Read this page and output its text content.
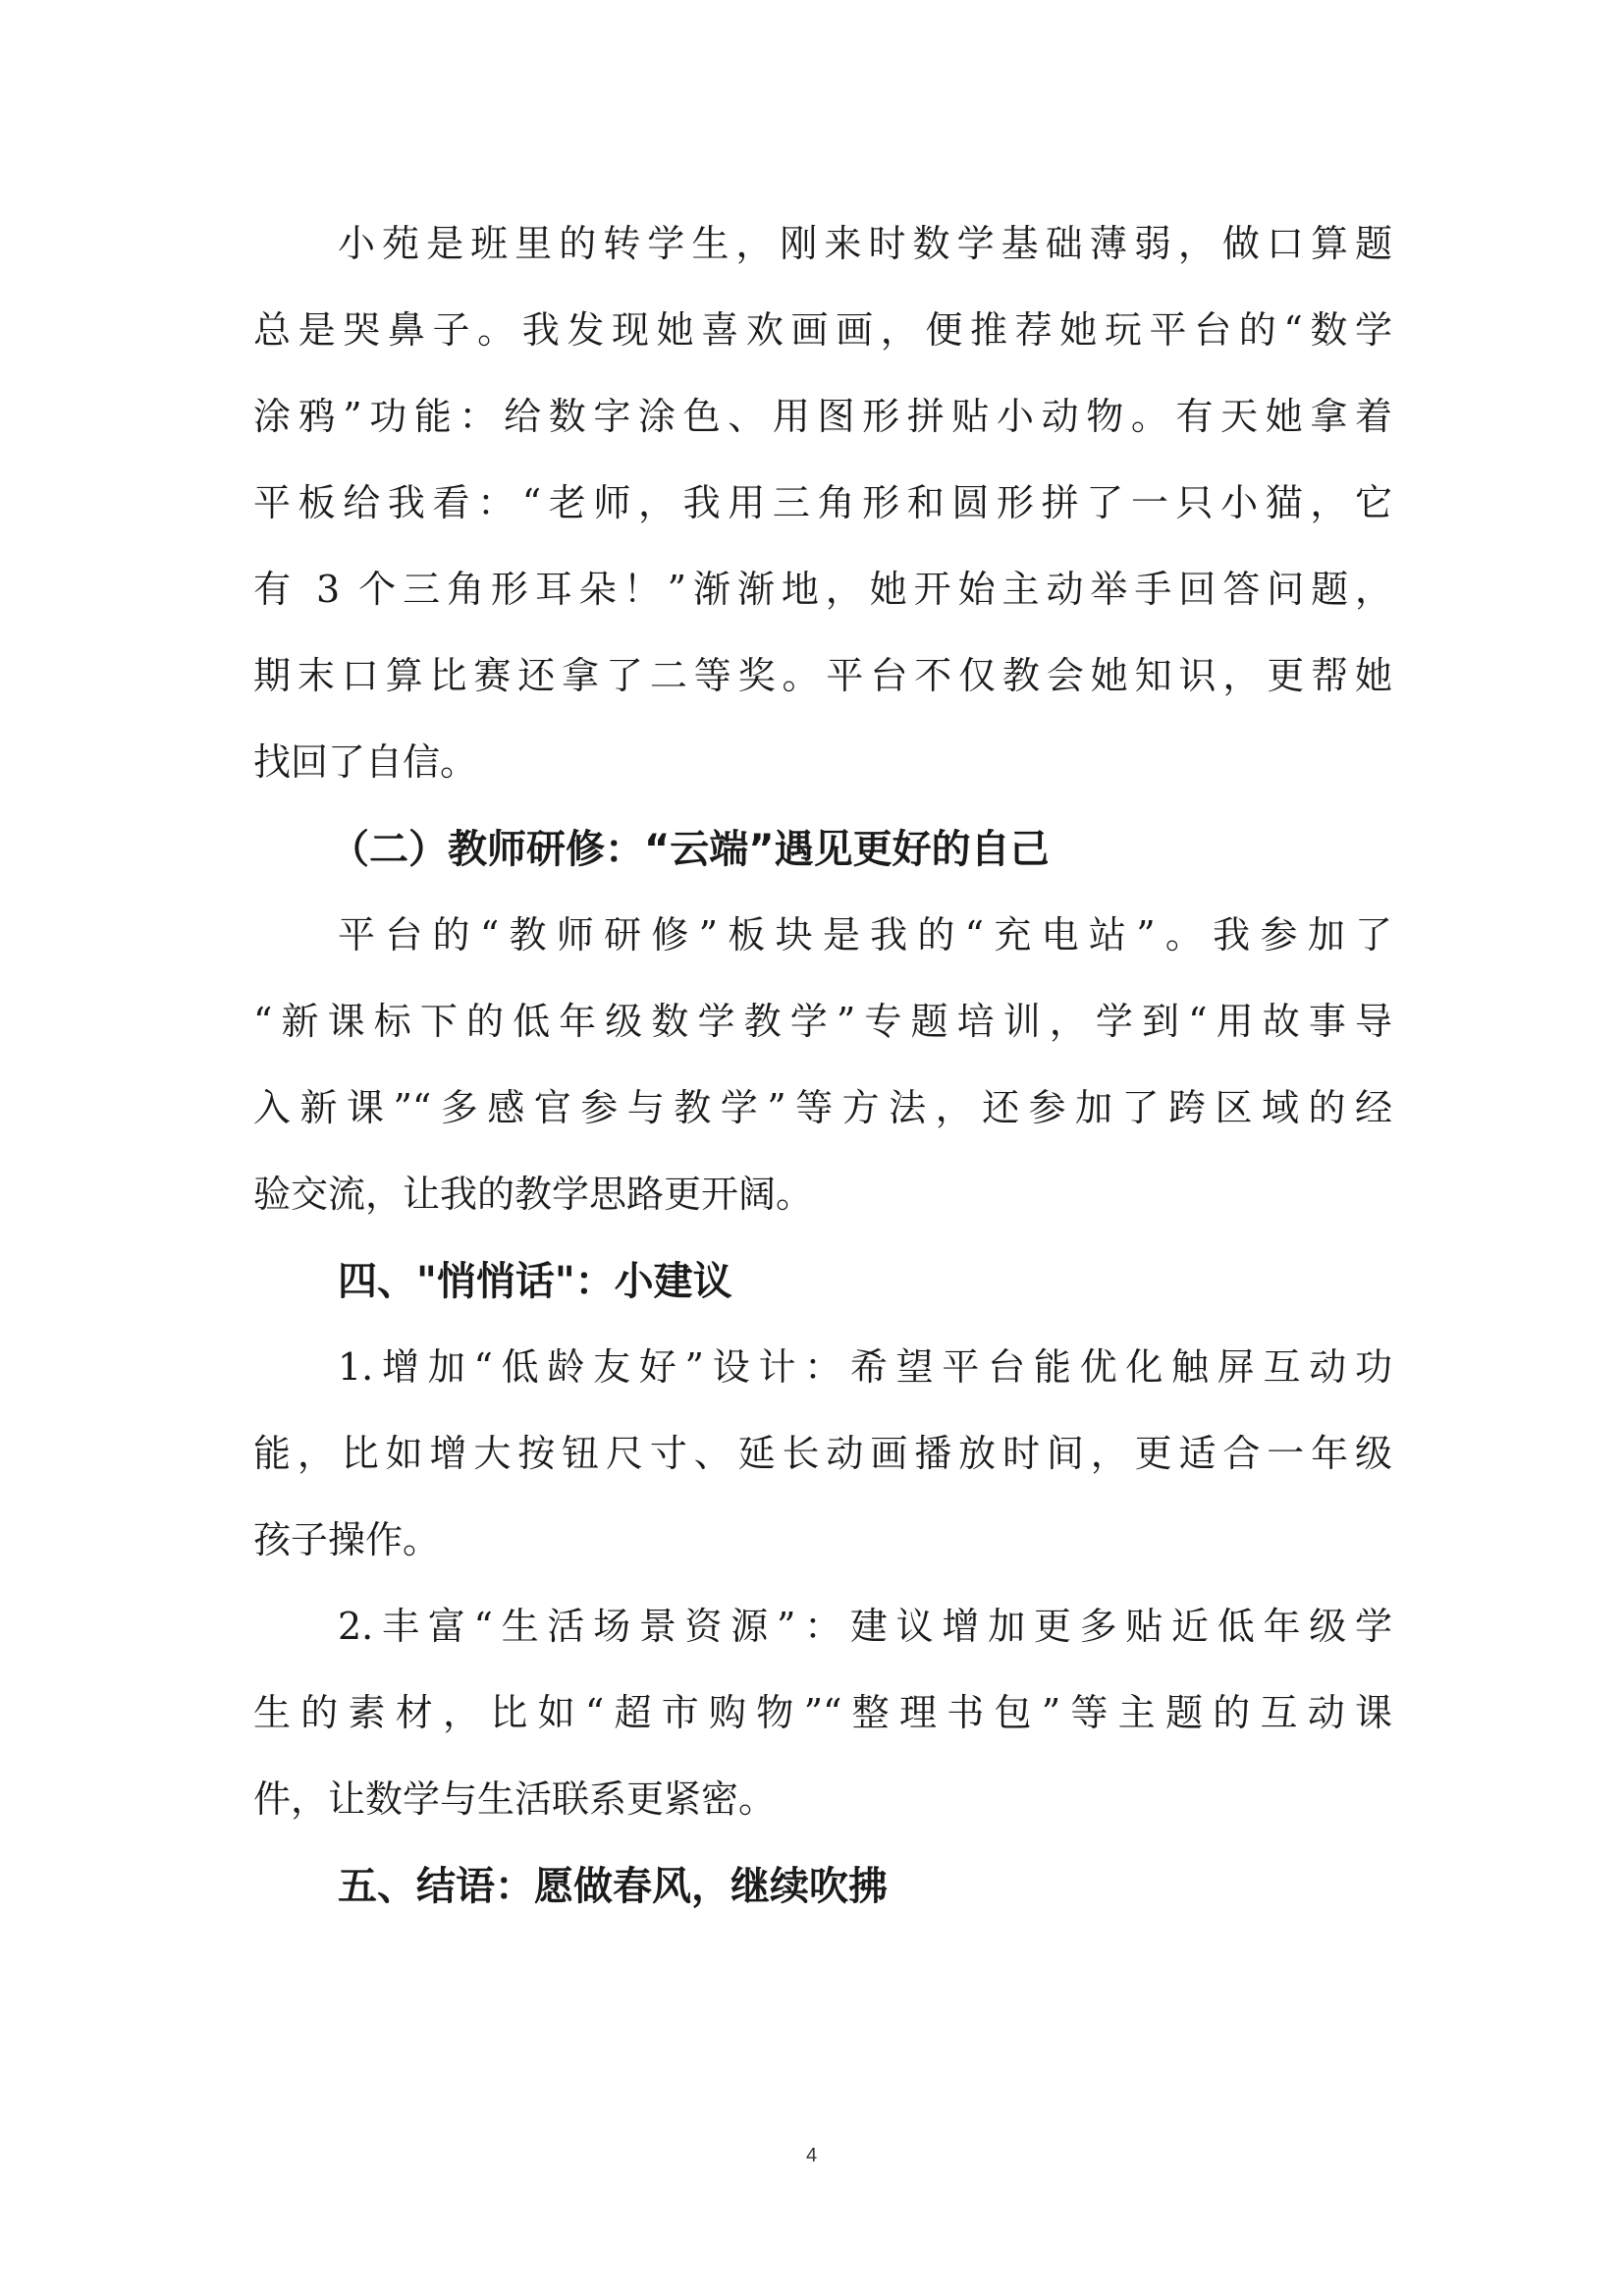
小苑是班里的转学生，刚来时数学基础薄弱，做口算题
总是哭鼻子。我发现她喜欢画画，便推荐她玩平台的“数学
涂鸦”功能：给数字涂色、用图形拼贴小动物。有天她拿着
平板给我看：“老师，我用三角形和圆形拼了一只小猫，它
有 3 个三角形耳朵！”渐渐地，她开始主动举手回答问题，
期末口算比赛还拿了二等奖。平台不仅教会她知识，更帮她
找回了自信。
（二）教师研修：“云端”遇见更好的自己
平台的“教师研修”板块是我的“充电站”。我参加了
“新课标下的低年级数学教学”专题培训，学到“用故事导
入新课”“多感官参与教学”等方法，还参加了跨区域的经
验交流，让我的教学思路更开阔。
四、"悄悄话"：小建议
1.增加“低龄友好”设计：希望平台能优化触屏互动功
能，比如增大按钮尺寸、延长动画播放时间，更适合一年级
孩子操作。
2.丰富“生活场景资源”：建议增加更多贴近低年级学
生的素材，比如“超市购物”“整理书包”等主题的互动课
件，让数学与生活联系更紧密。
五、结语：愿做春风，继续吹拂
4
